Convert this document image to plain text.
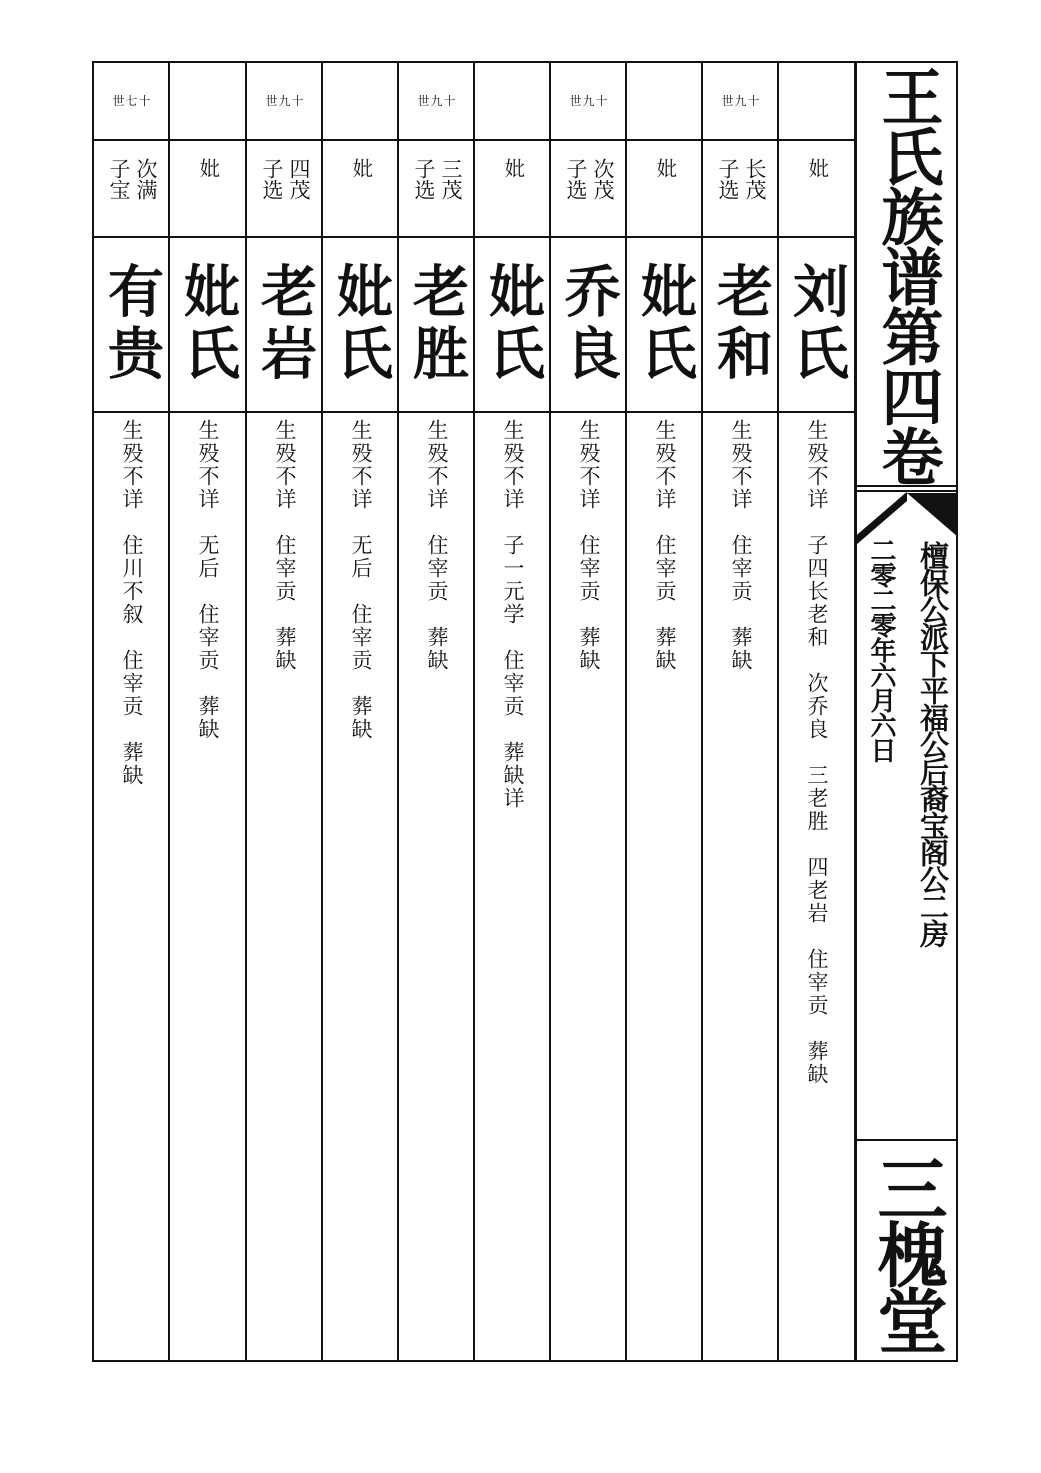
妣
刘氏
生殁不详　子四长老和　次乔良　三老胜　四老岩　住宰贡　葬缺
世九十
长茂 子选
老和
生殁不详　住宰贡　葬缺
妣
妣氏
生殁不详　住宰贡　葬缺
世九十
次茂 子选
乔良
生殁不详　住宰贡　葬缺
妣
妣氏
生殁不详　子一元学　住宰贡　葬缺详
世九十
三茂 子选
老胜
生殁不详　住宰贡　葬缺
妣
妣氏
生殁不详　无后　住宰贡　葬缺
世九十
四茂 子选
老岩
生殁不详　住宰贡　葬缺
妣
妣氏
生殁不详　无后　住宰贡　葬缺
世七十
次满 子宝
有贵
生殁不详　住川不叙　住宰贡　葬缺
王氏族谱第四卷
檀保公派下平福公后裔宝阁公二房
二零二零年六月六日
三槐堂
